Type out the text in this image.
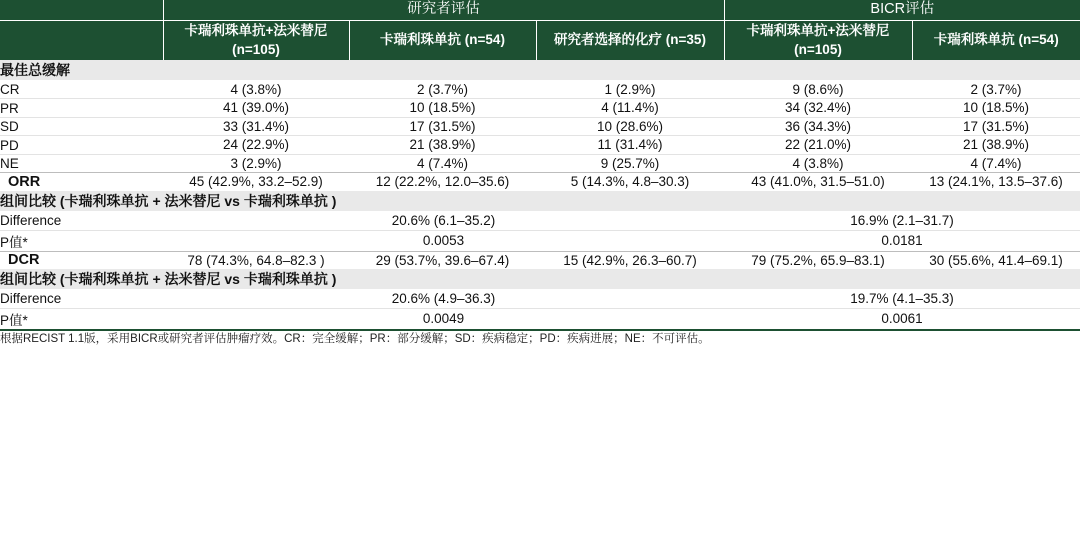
	研究者评估			BICR评估	
	卡瑞利珠单抗+法米替尼 (n=105)	卡瑞利珠单抗 (n=54)	研究者选择的化疗 (n=35)	卡瑞利珠单抗+法米替尼 (n=105)	卡瑞利珠单抗 (n=54)
最佳总缓解					
CR	4 (3.8%)	2 (3.7%)	1 (2.9%)	9 (8.6%)	2 (3.7%)
PR	41 (39.0%)	10 (18.5%)	4 (11.4%)	34 (32.4%)	10 (18.5%)
SD	33 (31.4%)	17 (31.5%)	10 (28.6%)	36 (34.3%)	17 (31.5%)
PD	24 (22.9%)	21 (38.9%)	11 (31.4%)	22 (21.0%)	21 (38.9%)
NE	3 (2.9%)	4 (7.4%)	9 (25.7%)	4 (3.8%)	4 (7.4%)
ORR	45 (42.9%, 33.2–52.9)	12 (22.2%, 12.0–35.6)	5 (14.3%, 4.8–30.3)	43 (41.0%, 31.5–51.0)	13 (24.1%, 13.5–37.6)
组间比较 (卡瑞利珠单抗 + 法米替尼 vs 卡瑞利珠单抗 )					
Difference	20.6% (6.1–35.2)			16.9% (2.1–31.7)	
P值*	0.0053			0.0181	
DCR	78 (74.3%, 64.8–82.3 )	29 (53.7%, 39.6–67.4)	15 (42.9%, 26.3–60.7)	79 (75.2%, 65.9–83.1)	30 (55.6%, 41.4–69.1)
组间比较 (卡瑞利珠单抗 + 法米替尼 vs 卡瑞利珠单抗 )					
Difference	20.6% (4.9–36.3)			19.7% (4.1–35.3)	
P值*	0.0049			0.0061	
根据RECIST 1.1版，采用BICR或研究者评估肿瘤疗效。CR：完全缓解；PR：部分缓解；SD：疾病稳定；PD：疾病进展；NE：不可评估。					
